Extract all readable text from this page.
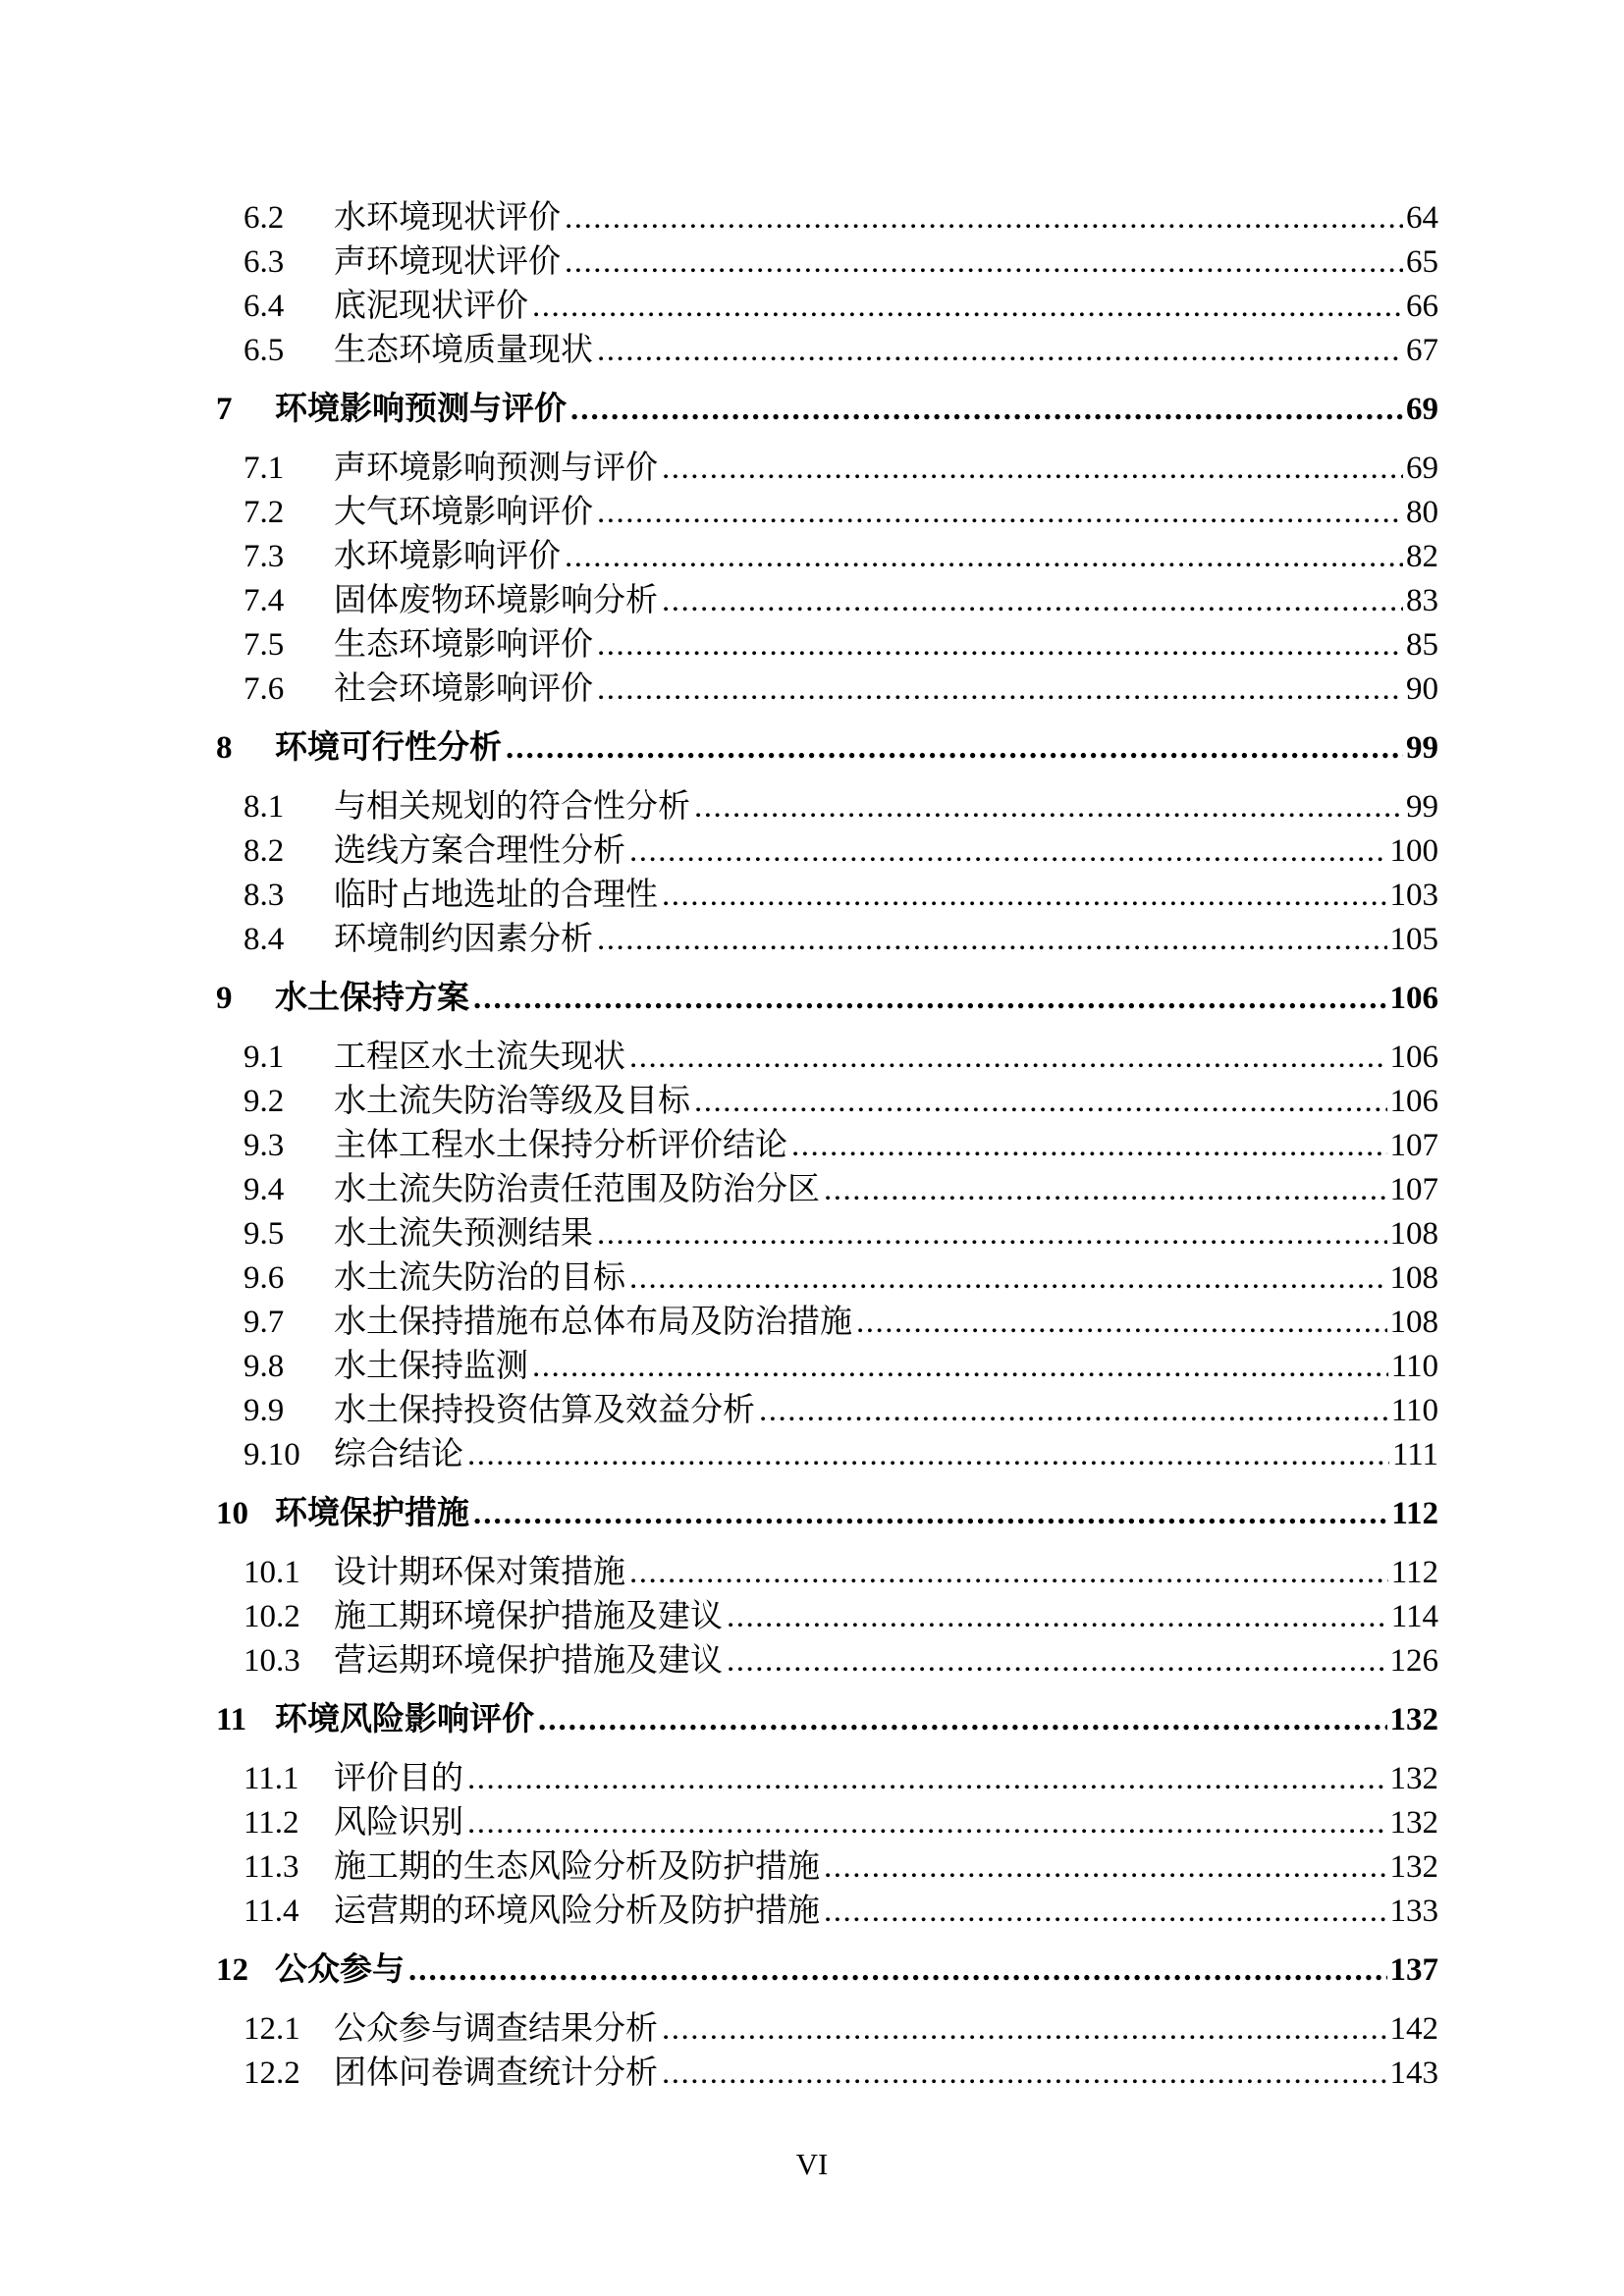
6.2	水环境现状评价 .....	64
6.3	声环境现状评价 .....	65
6.4	底泥现状评价 .....	66
6.5	生态环境质量现状 .....	67
7	环境影响预测与评价 .....	69
7.1	声环境影响预测与评价 .....	69
7.2	大气环境影响评价 .....	80
7.3	水环境影响评价 .....	82
7.4	固体废物环境影响分析 .....	83
7.5	生态环境影响评价 .....	85
7.6	社会环境影响评价 .....	90
8	环境可行性分析 .....	99
8.1	与相关规划的符合性分析 .....	99
8.2	选线方案合理性分析 .....	100
8.3	临时占地选址的合理性 .....	103
8.4	环境制约因素分析 .....	105
9	水土保持方案 .....	106
9.1	工程区水土流失现状 .....	106
9.2	水土流失防治等级及目标 .....	106
9.3	主体工程水土保持分析评价结论 .....	107
9.4	水土流失防治责任范围及防治分区 .....	107
9.5	水土流失预测结果 .....	108
9.6	水土流失防治的目标 .....	108
9.7	水土保持措施布总体布局及防治措施 .....	108
9.8	水土保持监测 .....	110
9.9	水土保持投资估算及效益分析 .....	110
9.10	综合结论 .....	111
10 环境保护措施 .....	112
10.1	设计期环保对策措施 .....	112
10.2	施工期环境保护措施及建议 .....	114
10.3	营运期环境保护措施及建议 .....	126
11 环境风险影响评价 .....	132
11.1	评价目的 .....	132
11.2	风险识别 .....	132
11.3	施工期的生态风险分析及防护措施 .....	132
11.4	运营期的环境风险分析及防护措施 .....	133
12 公众参与 .....	137
12.1	公众参与调查结果分析 .....	142
12.2	团体问卷调查统计分析 .....	143
VI
